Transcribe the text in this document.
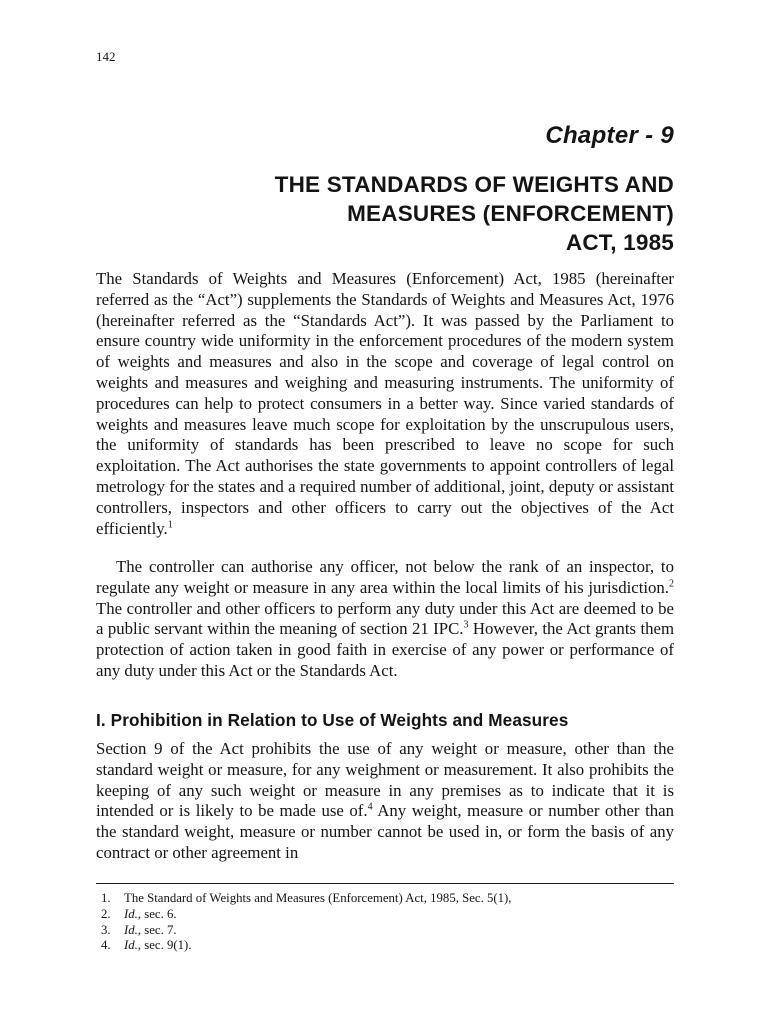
142
Chapter - 9
THE STANDARDS OF WEIGHTS AND
MEASURES (ENFORCEMENT)
ACT, 1985

The Standards of Weights and Measures (Enforcement) Act, 1985 (hereinafter referred as the “Act”) supplements the Standards of Weights and Measures Act, 1976 (hereinafter referred as the “Standards Act”). It was passed by the Parliament to ensure country wide uniformity in the enforcement procedures of the modern system of weights and measures and also in the scope and coverage of legal control on weights and measures and weighing and measuring instruments. The uniformity of procedures can help to protect consumers in a better way. Since varied standards of weights and measures leave much scope for exploitation by the unscrupulous users, the uniformity of standards has been prescribed to leave no scope for such exploitation. The Act authorises the state governments to appoint controllers of legal metrology for the states and a required number of additional, joint, deputy or assistant controllers, inspectors and other officers to carry out the objectives of the Act efficiently.$^1$

The controller can authorise any officer, not below the rank of an inspector, to regulate any weight or measure in any area within the local limits of his jurisdiction.$^2$ The controller and other officers to perform any duty under this Act are deemed to be a public servant within the meaning of section 21 IPC.$^3$ However, the Act grants them protection of action taken in good faith in exercise of any power or performance of any duty under this Act or the Standards Act.

I. Prohibition in Relation to Use of Weights and Measures

Section 9 of the Act prohibits the use of any weight or measure, other than the standard weight or measure, for any weighment or measurement. It also prohibits the keeping of any such weight or measure in any premises as to indicate that it is intended or is likely to be made use of.$^4$ Any weight, measure or number other than the standard weight, measure or number cannot be used in, or form the basis of any contract or other agreement in

1.	The Standard of Weights and Measures (Enforcement) Act, 1985, Sec. 5(1),
2.	Id., sec. 6.
3.	Id., sec. 7.
4.	Id., sec. 9(1).
